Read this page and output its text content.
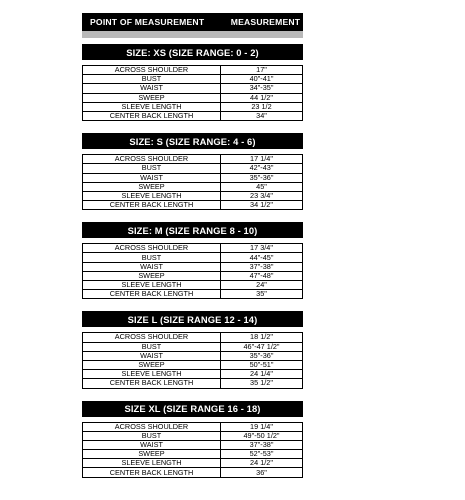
POINT OF MEASUREMENT	MEASUREMENT
SIZE: XS (SIZE RANGE: 0 - 2)
ACROSS SHOULDER	17"
BUST	40"-41"
WAIST	34"-35"
SWEEP	44 1/2"
SLEEVE LENGTH	23 1/2
CENTER BACK LENGTH	34"
SIZE: S (SIZE RANGE: 4 - 6)
ACROSS SHOULDER	17 1/4"
BUST	42"-43"
WAIST	35"-36"
SWEEP	45"
SLEEVE LENGTH	23 3/4"
CENTER BACK LENGTH	34 1/2"
SIZE: M (SIZE RANGE 8 - 10)
ACROSS SHOULDER	17 3/4"
BUST	44"-45"
WAIST	37"-38"
SWEEP	47"-48"
SLEEVE LENGTH	24"
CENTER BACK LENGTH	35"
SIZE L (SIZE RANGE 12 - 14)
ACROSS SHOULDER	18 1/2"
BUST	46"-47 1/2"
WAIST	35"-36"
SWEEP	50"-51"
SLEEVE LENGTH	24 1/4"
CENTER BACK LENGTH	35 1/2"
SIZE XL (SIZE RANGE 16 - 18)
ACROSS SHOULDER	19 1/4"
BUST	49"-50 1/2"
WAIST	37"-38"
SWEEP	52"-53"
SLEEVE LENGTH	24 1/2"
CENTER BACK LENGTH	36"
